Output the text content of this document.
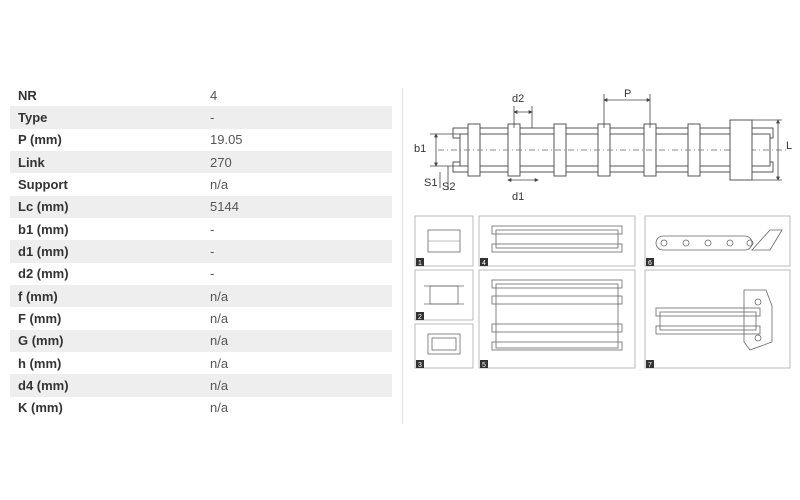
NR	4
Type	-
P (mm)	19.05
Link	270
Support	n/a
Lc (mm)	5144
b1 (mm)	-
d1 (mm)	-
d2 (mm)	-
f (mm)	n/a
F (mm)	n/a
G (mm)	n/a
h (mm)	n/a
d4 (mm)	n/a
K (mm)	n/a
d2	P
b1	L
S1 S2
d1
1
2
3
4
5
6
7
